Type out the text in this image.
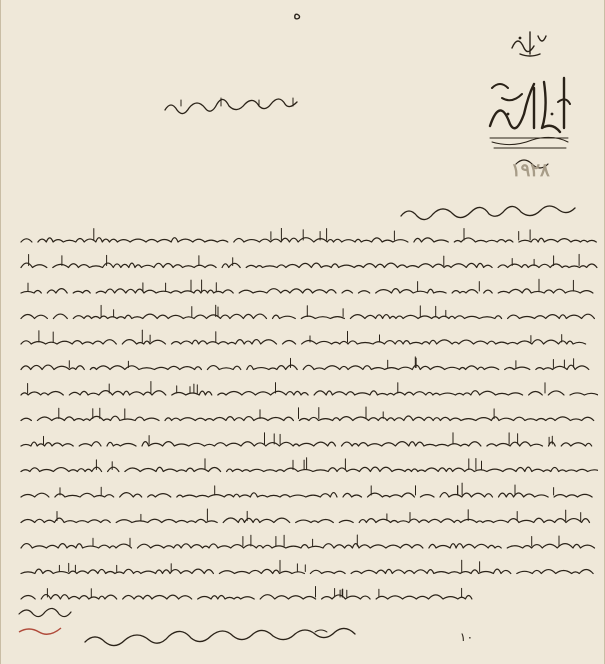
ە
١٩٢٨
١٠
